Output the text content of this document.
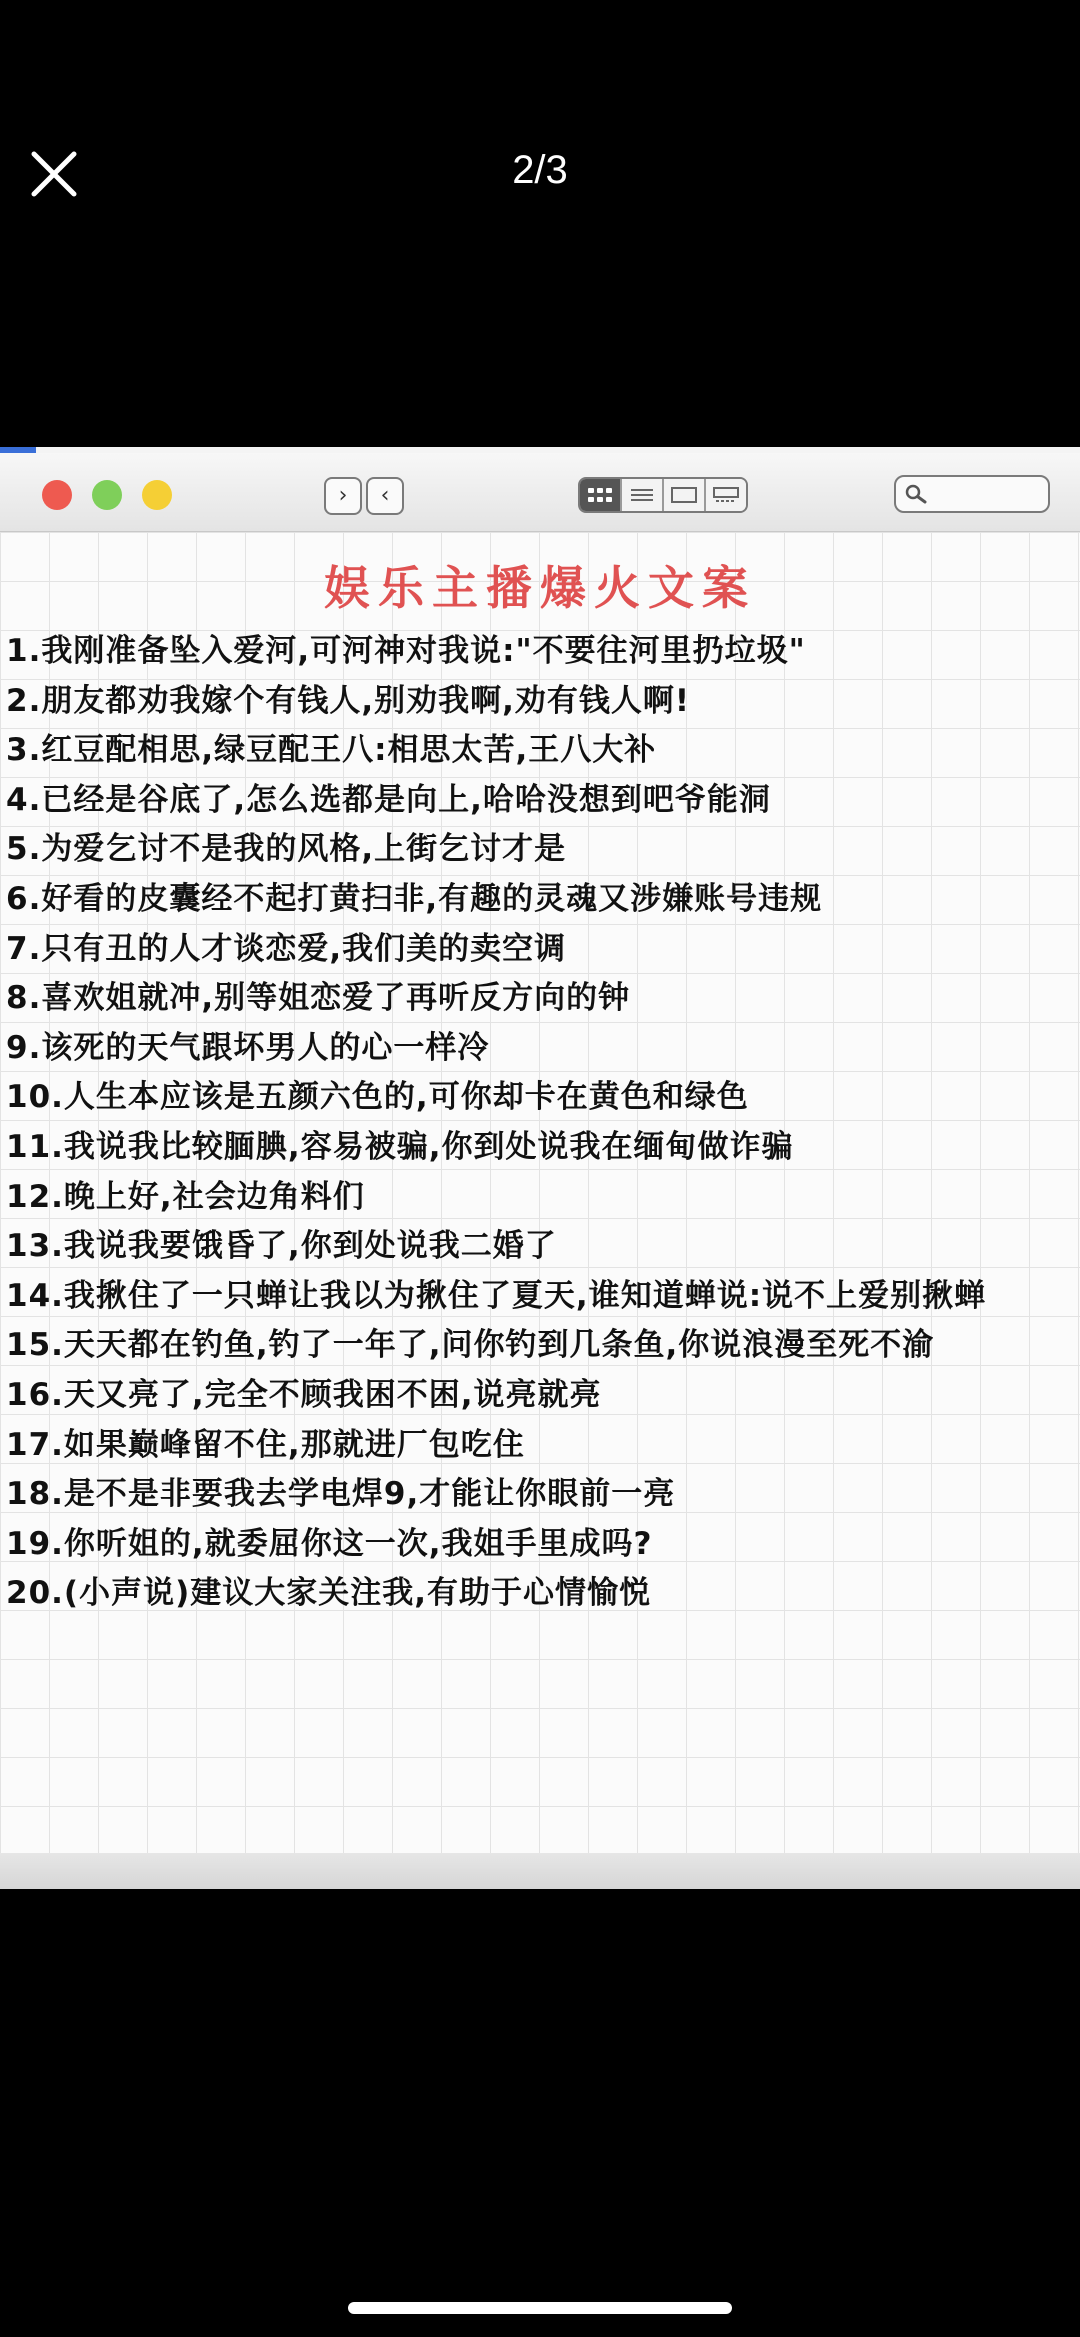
2/3
›	‹
娱乐主播爆火文案
1.我刚准备坠入爱河,可河神对我说:"不要往河里扔垃圾"
2.朋友都劝我嫁个有钱人,别劝我啊,劝有钱人啊!
3.红豆配相思,绿豆配王八:相思太苦,王八大补
4.已经是谷底了,怎么选都是向上,哈哈没想到吧爷能洞
5.为爱乞讨不是我的风格,上街乞讨才是
6.好看的皮囊经不起打黄扫非,有趣的灵魂又涉嫌账号违规
7.只有丑的人才谈恋爱,我们美的卖空调
8.喜欢姐就冲,别等姐恋爱了再听反方向的钟
9.该死的天气跟坏男人的心一样冷
10.人生本应该是五颜六色的,可你却卡在黄色和绿色
11.我说我比较腼腆,容易被骗,你到处说我在缅甸做诈骗
12.晚上好,社会边角料们
13.我说我要饿昏了,你到处说我二婚了
14.我揪住了一只蝉让我以为揪住了夏天,谁知道蝉说:说不上爱别揪蝉
15.天天都在钓鱼,钓了一年了,问你钓到几条鱼,你说浪漫至死不渝
16.天又亮了,完全不顾我困不困,说亮就亮
17.如果巅峰留不住,那就进厂包吃住
18.是不是非要我去学电焊9,才能让你眼前一亮
19.你听姐的,就委屈你这一次,我姐手里成吗?
20.(小声说)建议大家关注我,有助于心情愉悦
